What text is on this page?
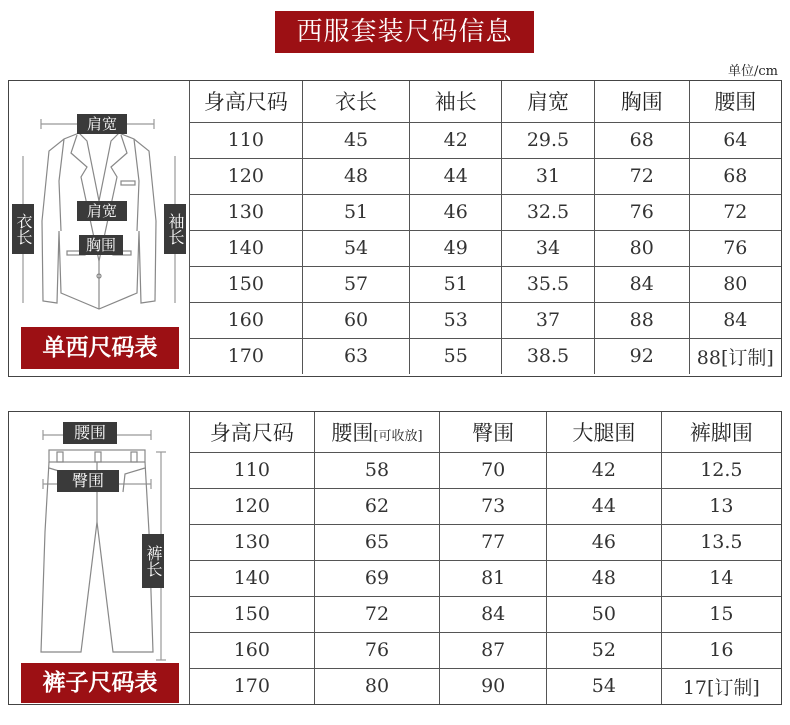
西服套装尺码信息
单位/cm
肩宽
肩宽
胸围
衣长	袖长
单西尺码表
身高尺码	衣长	袖长	肩宽	胸围	腰围
110	45	42	29.5	68	64
120	48	44	31	72	68
130	51	46	32.5	76	72
140	54	49	34	80	76
150	57	51	35.5	84	80
160	60	53	37	88	84
170	63	55	38.5	92	88[订制]
腰围
臀围
裤长
裤子尺码表
身高尺码	腰围[可收放]	臀围	大腿围	裤脚围
110	58	70	42	12.5
120	62	73	44	13
130	65	77	46	13.5
140	69	81	48	14
150	72	84	50	15
160	76	87	52	16
170	80	90	54	17[订制]
